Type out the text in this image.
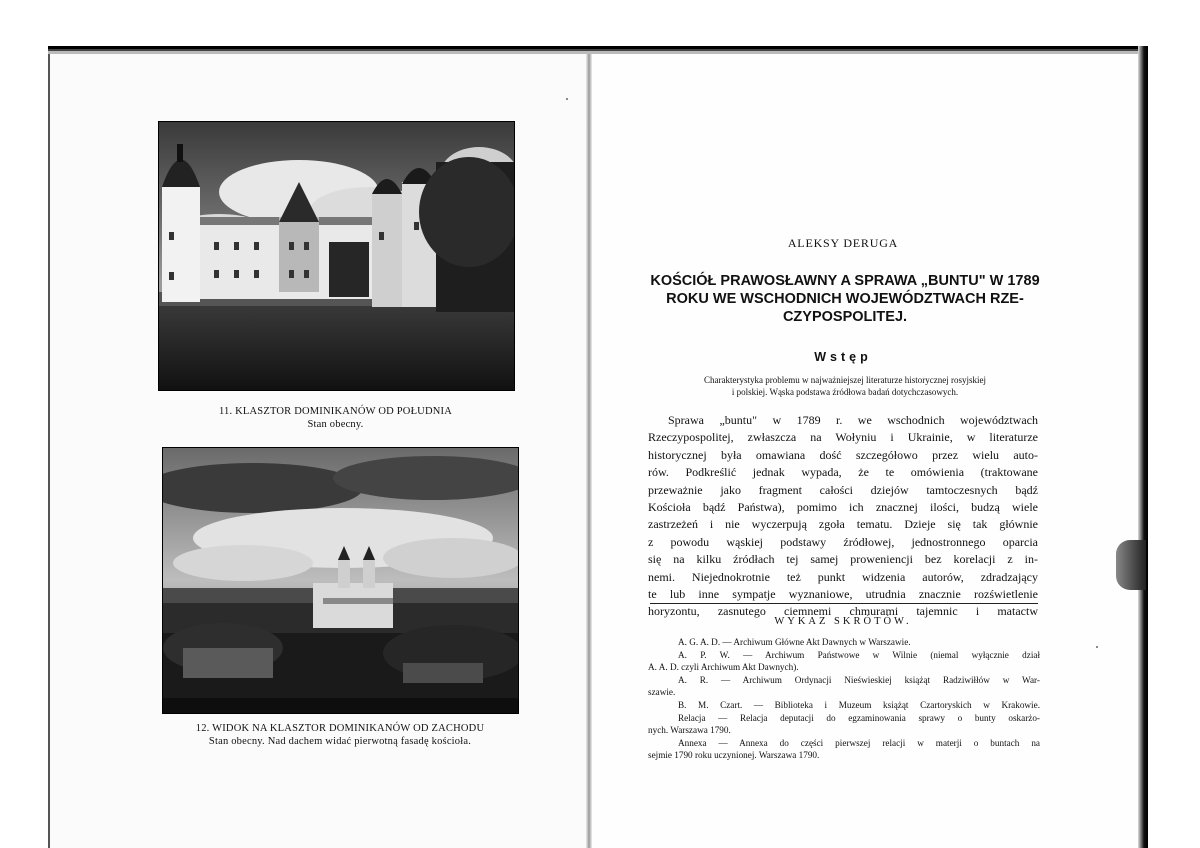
11. KLASZTOR DOMINIKANÓW OD POŁUDNIA
Stan obecny.
12. WIDOK NA KLASZTOR DOMINIKANÓW OD ZACHODU
Stan obecny. Nad dachem widać pierwotną fasadę kościoła.
ALEKSY DERUGA
KOŚCIÓŁ PRAWOSŁAWNY A SPRAWA „BUNTU" W 1789
ROKU WE WSCHODNICH WOJEWÓDZTWACH RZE-
CZYPOSPOLITEJ.
Wstęp
Charakterystyka problemu w najważniejszej literaturze historycznej rosyjskiej
i polskiej. Wąska podstawa źródłowa badań dotychczasowych.
Sprawa „buntu" w 1789 r. we wschodnich województwach
Rzeczypospolitej, zwłaszcza na Wołyniu i Ukrainie, w literaturze
historycznej była omawiana dość szczegółowo przez wielu auto-
rów. Podkreślić jednak wypada, że te omówienia (traktowane
przeważnie jako fragment całości dziejów tamtoczesnych bądź
Kościoła bądź Państwa), pomimo ich znacznej ilości, budzą wiele
zastrzeżeń i nie wyczerpują zgoła tematu. Dzieje się tak głównie
z powodu wąskiej podstawy źródłowej, jednostronnego oparcia
się na kilku źródłach tej samej proweniencji bez korelacji z in-
nemi. Niejednokrotnie też punkt widzenia autorów, zdradzający
te lub inne sympatje wyznaniowe, utrudnia znacznie rozświetlenie
horyzontu, zasnutego ciemnemi chmurami tajemnic i matactw
WYKAZ SKRÓTÓW.
A. G. A. D. — Archiwum Główne Akt Dawnych w Warszawie.
A. P. W. — Archiwum Państwowe w Wilnie (niemal wyłącznie dział
A. A. D. czyli Archiwum Akt Dawnych).
A. R. — Archiwum Ordynacji Nieświeskiej książąt Radziwiłłów w War-
szawie.
B. M. Czart. — Biblioteka i Muzeum książąt Czartoryskich w Krakowie.
Relacja — Relacja deputacji do egzaminowania sprawy o bunty oskarżo-
nych. Warszawa 1790.
Annexa — Annexa do części pierwszej relacji w materji o buntach na
sejmie 1790 roku uczynionej. Warszawa 1790.
